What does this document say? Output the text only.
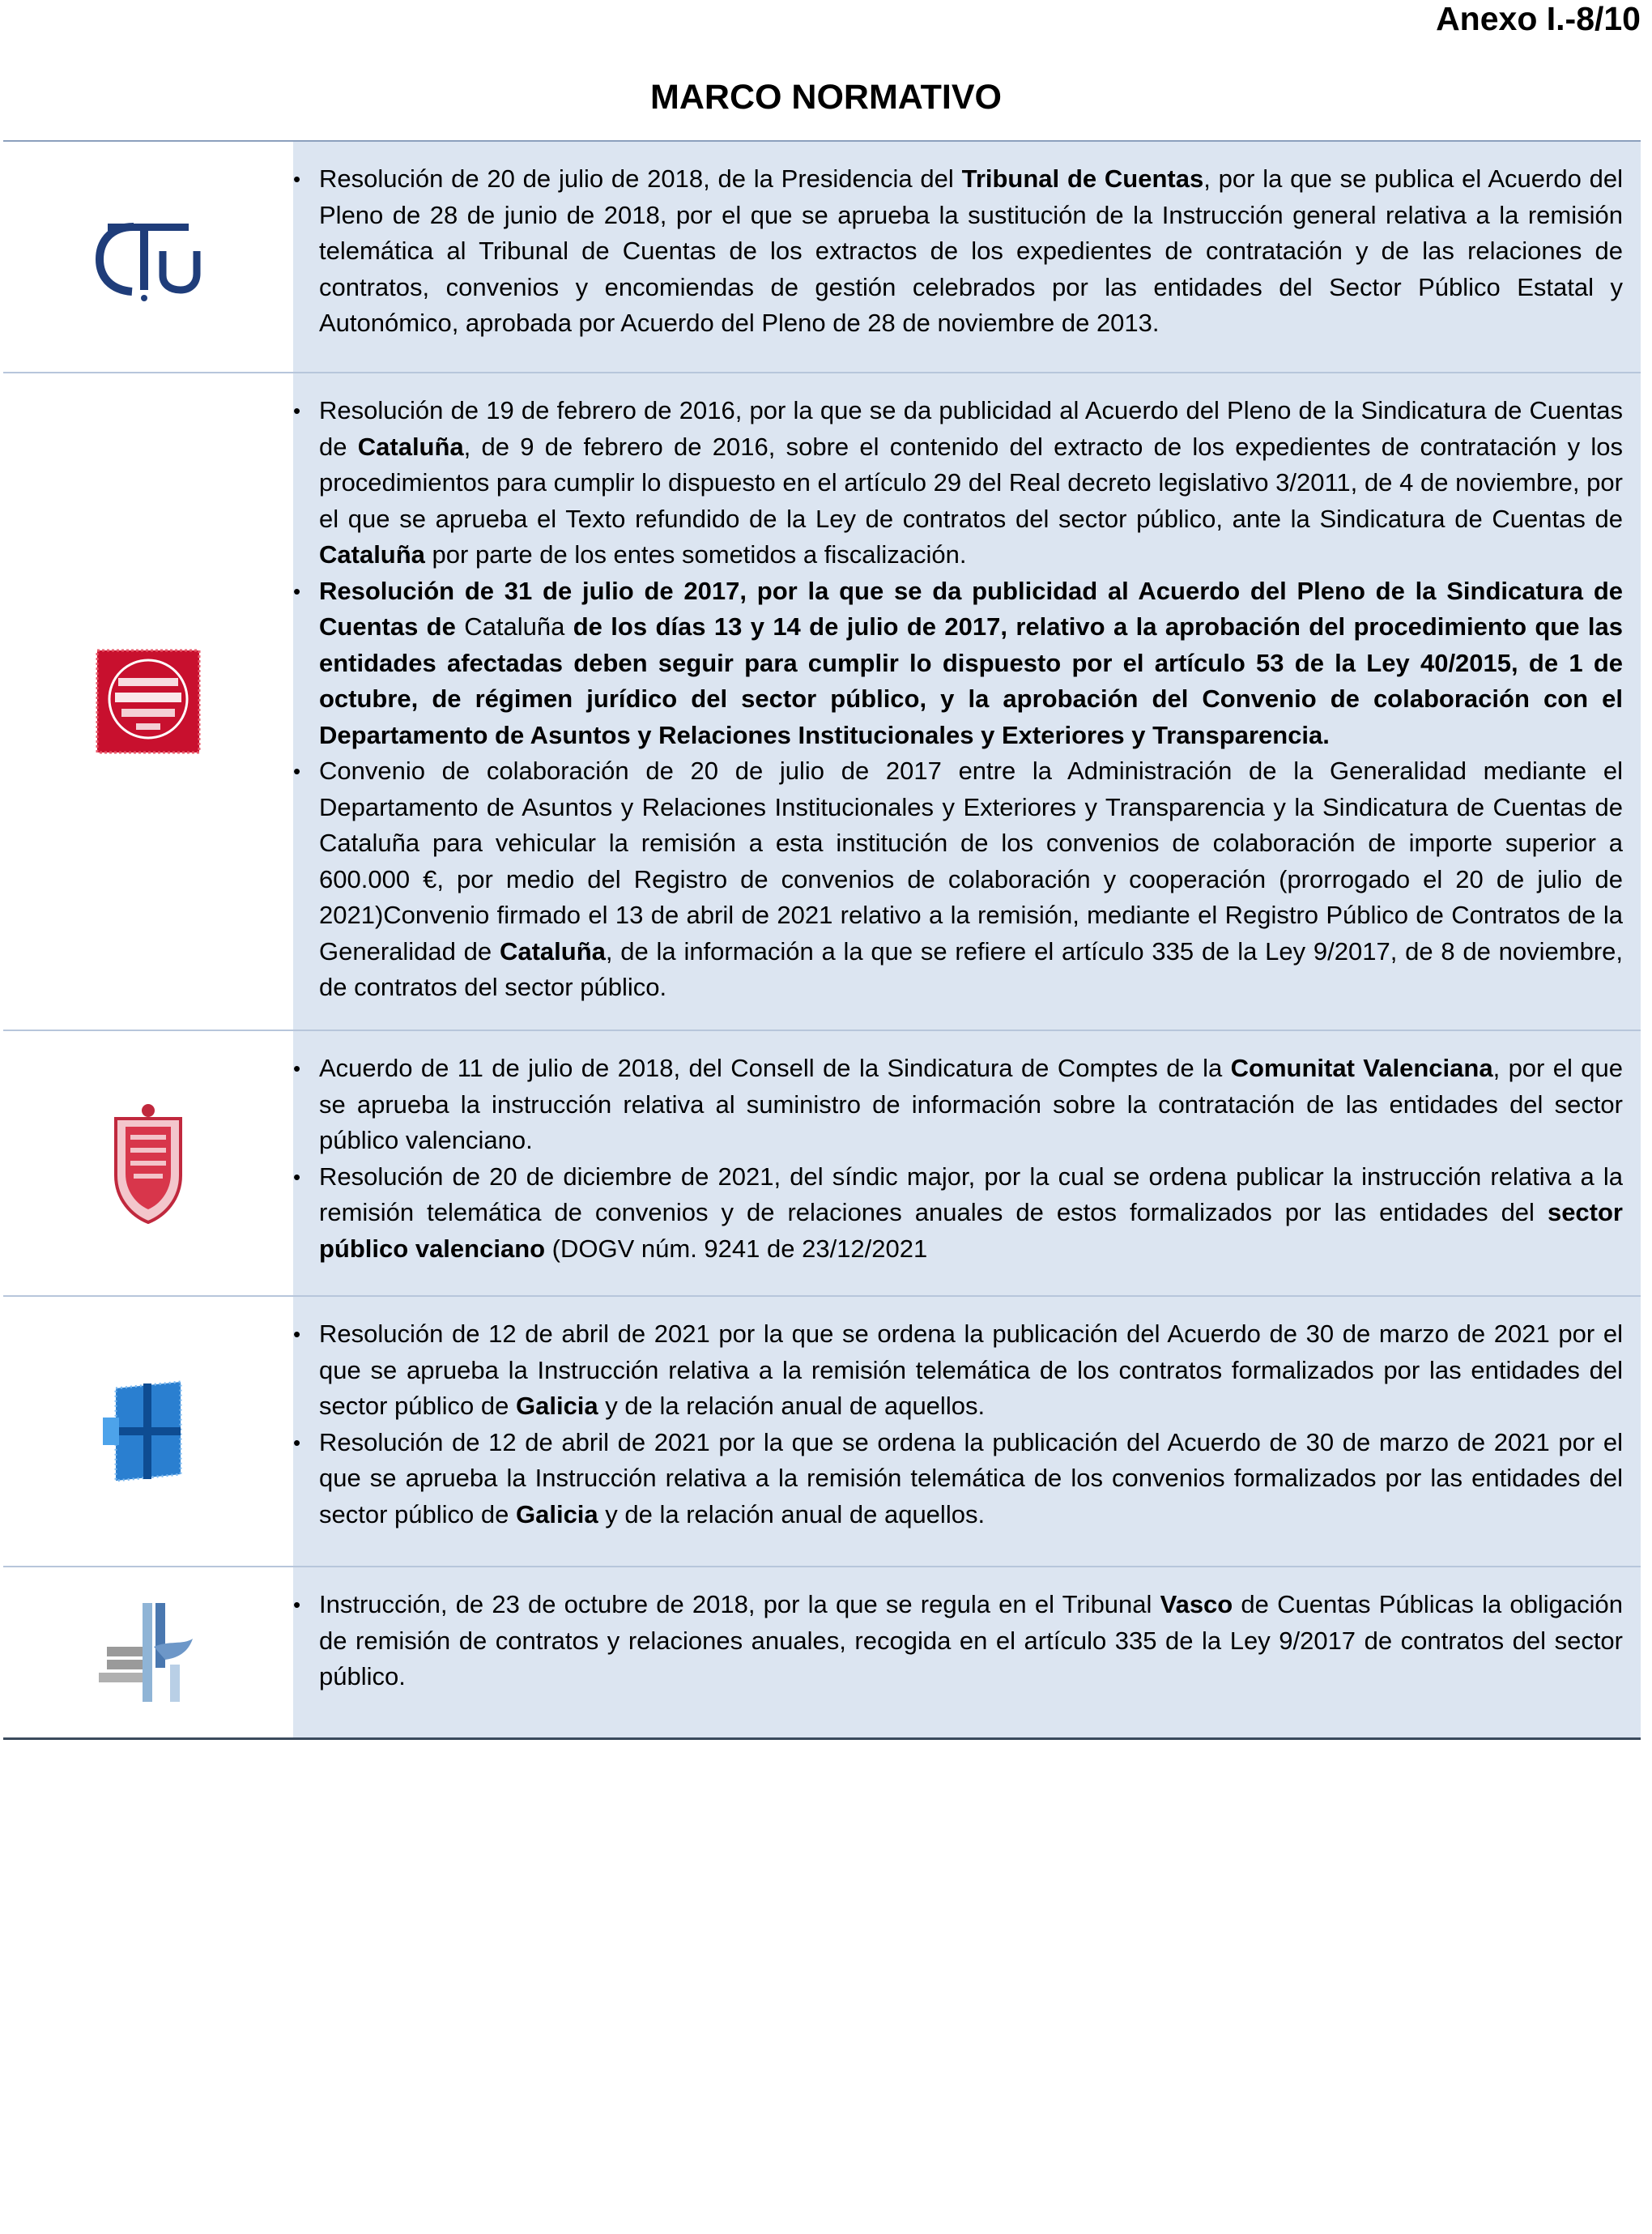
Anexo I.-8/10
MARCO NORMATIVO
• Resolución de 20 de julio de 2018, de la Presidencia del Tribunal de Cuentas, por la que se publica el Acuerdo del Pleno de 28 de junio de 2018, por el que se aprueba la sustitución de la Instrucción general relativa a la remisión telemática al Tribunal de Cuentas de los extractos de los expedientes de contratación y de las relaciones de contratos, convenios y encomiendas de gestión celebrados por las entidades del Sector Público Estatal y Autonómico, aprobada por Acuerdo del Pleno de 28 de noviembre de 2013.
• Resolución de 19 de febrero de 2016, por la que se da publicidad al Acuerdo del Pleno de la Sindicatura de Cuentas de Cataluña, de 9 de febrero de 2016, sobre el contenido del extracto de los expedientes de contratación y los procedimientos para cumplir lo dispuesto en el artículo 29 del Real decreto legislativo 3/2011, de 4 de noviembre, por el que se aprueba el Texto refundido de la Ley de contratos del sector público, ante la Sindicatura de Cuentas de Cataluña por parte de los entes sometidos a fiscalización.
• Resolución de 31 de julio de 2017, por la que se da publicidad al Acuerdo del Pleno de la Sindicatura de Cuentas de Cataluña de los días 13 y 14 de julio de 2017, relativo a la aprobación del procedimiento que las entidades afectadas deben seguir para cumplir lo dispuesto por el artículo 53 de la Ley 40/2015, de 1 de octubre, de régimen jurídico del sector público, y la aprobación del Convenio de colaboración con el Departamento de Asuntos y Relaciones Institucionales y Exteriores y Transparencia.
• Convenio de colaboración de 20 de julio de 2017 entre la Administración de la Generalidad mediante el Departamento de Asuntos y Relaciones Institucionales y Exteriores y Transparencia y la Sindicatura de Cuentas de Cataluña para vehicular la remisión a esta institución de los convenios de colaboración de importe superior a 600.000 €, por medio del Registro de convenios de colaboración y cooperación (prorrogado el 20 de julio de 2021)Convenio firmado el 13 de abril de 2021 relativo a la remisión, mediante el Registro Público de Contratos de la Generalidad de Cataluña, de la información a la que se refiere el artículo 335 de la Ley 9/2017, de 8 de noviembre, de contratos del sector público.
• Acuerdo de 11 de julio de 2018, del Consell de la Sindicatura de Comptes de la Comunitat Valenciana, por el que se aprueba la instrucción relativa al suministro de información sobre la contratación de las entidades del sector público valenciano.
• Resolución de 20 de diciembre de 2021, del síndic major, por la cual se ordena publicar la instrucción relativa a la remisión telemática de convenios y de relaciones anuales de estos formalizados por las entidades del sector público valenciano (DOGV núm. 9241 de 23/12/2021
• Resolución de 12 de abril de 2021 por la que se ordena la publicación del Acuerdo de 30 de marzo de 2021 por el que se aprueba la Instrucción relativa a la remisión telemática de los contratos formalizados por las entidades del sector público de Galicia y de la relación anual de aquellos.
• Resolución de 12 de abril de 2021 por la que se ordena la publicación del Acuerdo de 30 de marzo de 2021 por el que se aprueba la Instrucción relativa a la remisión telemática de los convenios formalizados por las entidades del sector público de Galicia y de la relación anual de aquellos.
• Instrucción, de 23 de octubre de 2018, por la que se regula en el Tribunal Vasco de Cuentas Públicas la obligación de remisión de contratos y relaciones anuales, recogida en el artículo 335 de la Ley 9/2017 de contratos del sector público.
